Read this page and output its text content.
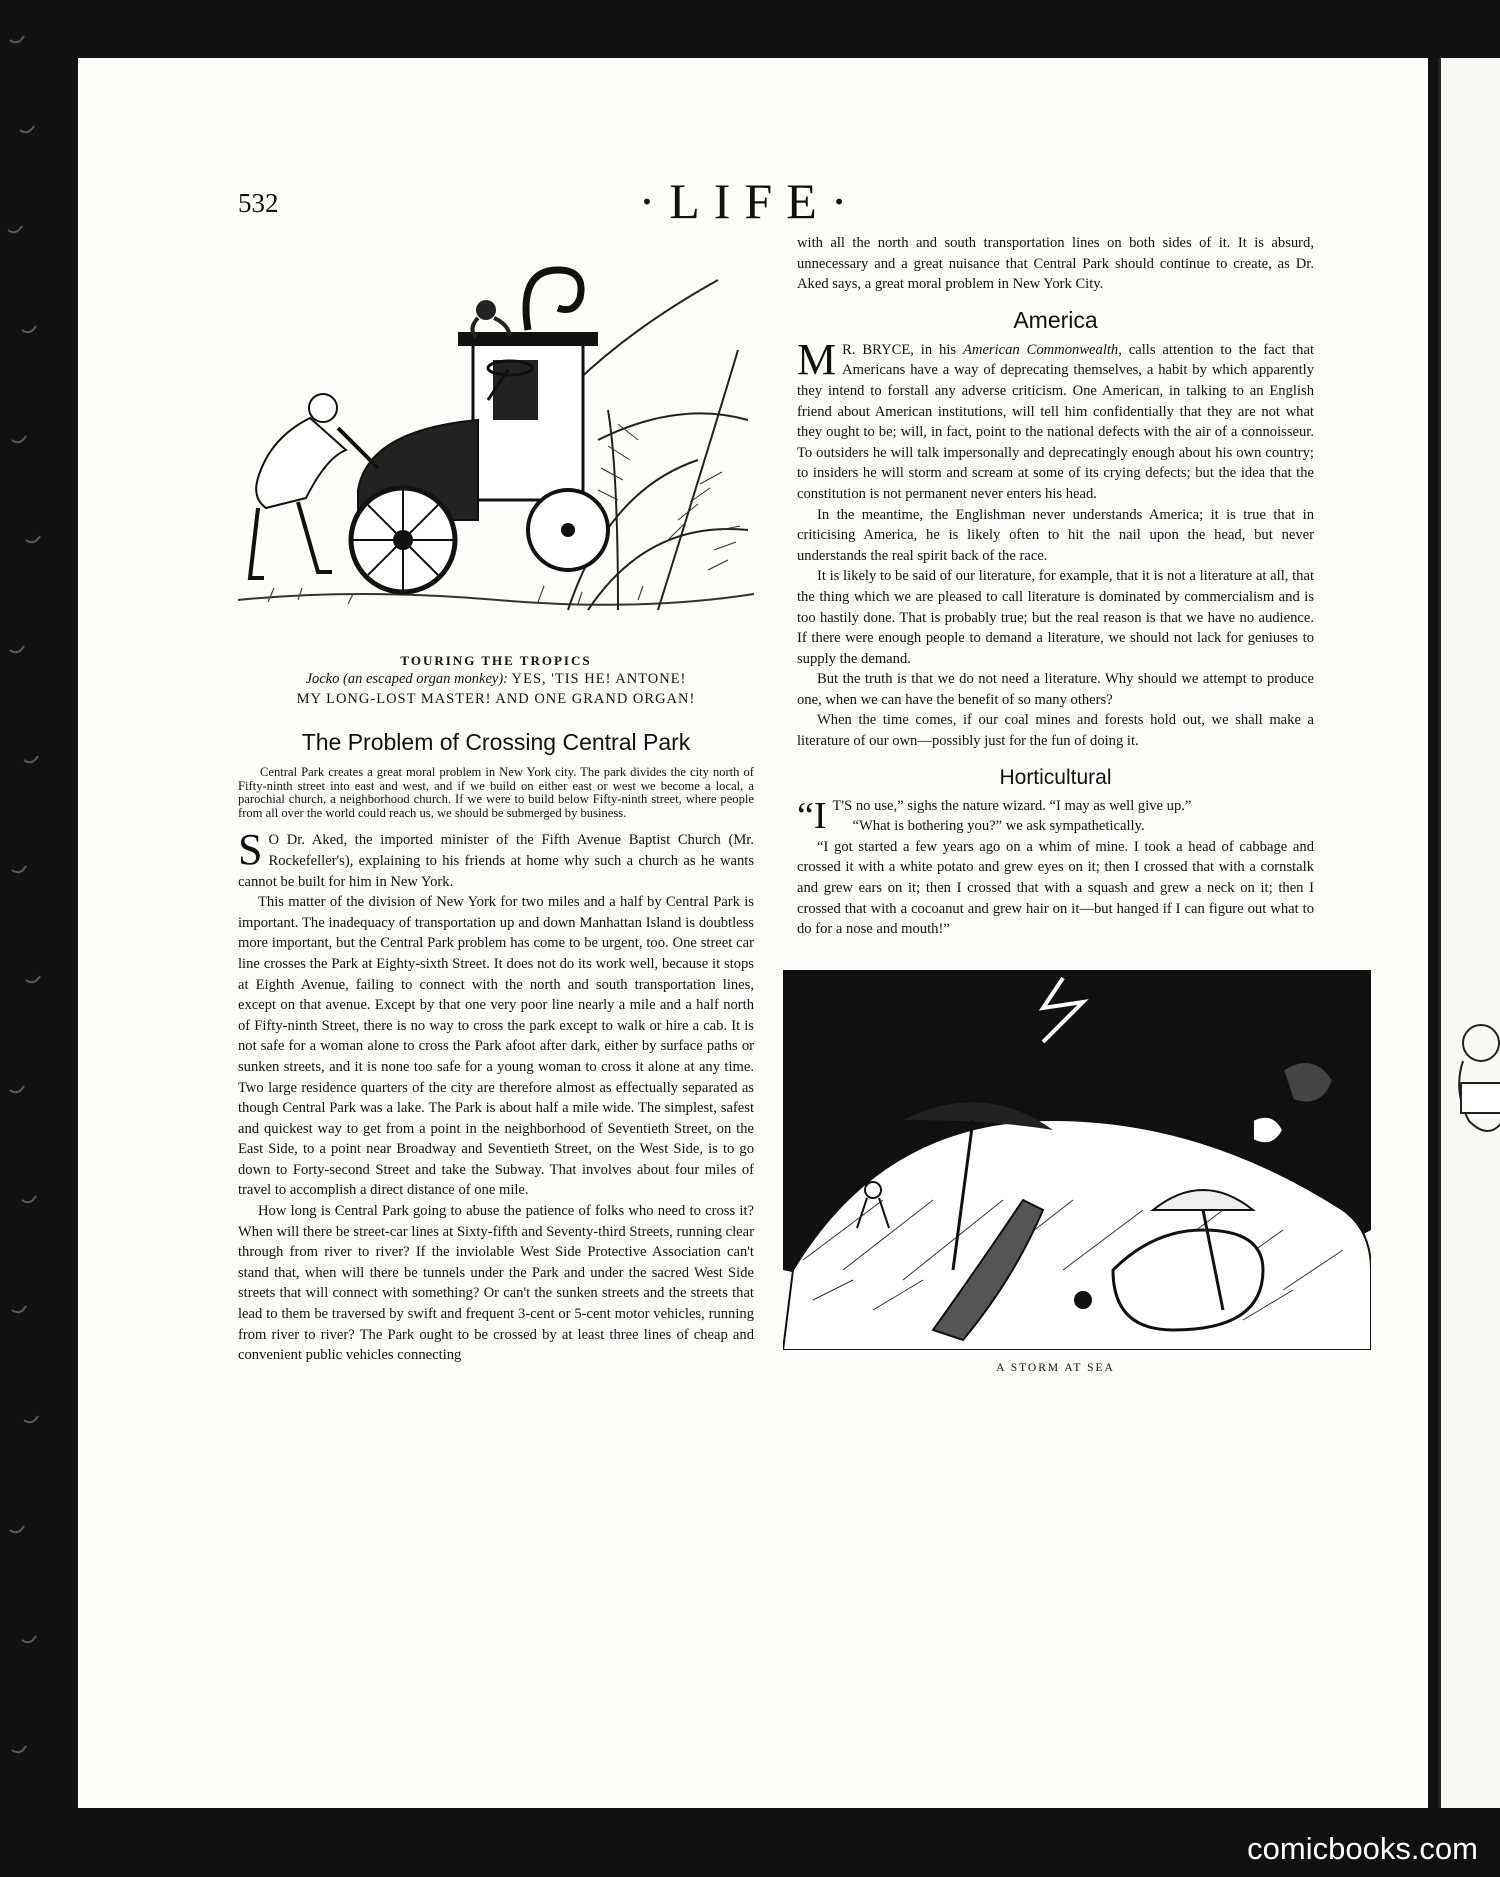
532	·LIFE·
TOURING THE TROPICS
Jocko (an escaped organ monkey): YES, 'TIS HE! ANTONE!
MY LONG-LOST MASTER! AND ONE GRAND ORGAN!
The Problem of Crossing Central Park

Central Park creates a great moral problem in New York city. The park divides the city north of Fifty-ninth street into east and west, and if we build on either east or west we become a local, a parochial church, a neighborhood church. If we were to build below Fifty-ninth street, where people from all over the world could reach us, we should be submerged by business.

S O Dr. Aked, the imported minister of the Fifth Avenue Baptist Church (Mr. Rockefeller's), explaining to his friends at home why such a church as he wants cannot be built for him in New York.

This matter of the division of New York for two miles and a half by Central Park is important. The inadequacy of transportation up and down Manhattan Island is doubtless more important, but the Central Park problem has come to be urgent, too. One street car line crosses the Park at Eighty-sixth Street. It does not do its work well, because it stops at Eighth Avenue, failing to connect with the north and south transportation lines, except on that avenue. Except by that one very poor line nearly a mile and a half north of Fifty-ninth Street, there is no way to cross the park except to walk or hire a cab. It is not safe for a woman alone to cross the Park afoot after dark, either by surface paths or sunken streets, and it is none too safe for a young woman to cross it alone at any time. Two large residence quarters of the city are therefore almost as effectually separated as though Central Park was a lake. The Park is about half a mile wide. The simplest, safest and quickest way to get from a point in the neighborhood of Seventieth Street, on the East Side, to a point near Broadway and Seventieth Street, on the West Side, is to go down to Forty-second Street and take the Subway. That involves about four miles of travel to accomplish a direct distance of one mile.

How long is Central Park going to abuse the patience of folks who need to cross it? When will there be street-car lines at Sixty-fifth and Seventy-third Streets, running clear through from river to river? If the inviolable West Side Protective Association can't stand that, when will there be tunnels under the Park and under the sacred West Side streets that will connect with something? Or can't the sunken streets and the streets that lead to them be traversed by swift and frequent 3-cent or 5-cent motor vehicles, running from river to river? The Park ought to be crossed by at least three lines of cheap and convenient public vehicles connecting

with all the north and south transportation lines on both sides of it. It is absurd, unnecessary and a great nuisance that Central Park should continue to create, as Dr. Aked says, a great moral problem in New York City.

America

M R. BRYCE, in his American Commonwealth, calls attention to the fact that Americans have a way of deprecating themselves, a habit by which apparently they intend to forstall any adverse criticism. One American, in talking to an English friend about American institutions, will tell him confidentially that they are not what they ought to be; will, in fact, point to the national defects with the air of a connoisseur. To outsiders he will talk impersonally and deprecatingly enough about his own country; to insiders he will storm and scream at some of its crying defects; but the idea that the constitution is not permanent never enters his head.

In the meantime, the Englishman never understands America; it is true that in criticising America, he is likely often to hit the nail upon the head, but never understands the real spirit back of the race.

It is likely to be said of our literature, for example, that it is not a literature at all, that the thing which we are pleased to call literature is dominated by commercialism and is too hastily done. That is probably true; but the real reason is that we have no audience. If there were enough people to demand a literature, we should not lack for geniuses to supply the demand.

But the truth is that we do not need a literature. Why should we attempt to produce one, when we can have the benefit of so many others?

When the time comes, if our coal mines and forests hold out, we shall make a literature of our own—possibly just for the fun of doing it.

Horticultural

“I T'S no use,” sighs the nature wizard. “I may as well give up.”

“What is bothering you?” we ask sympathetically.

“I got started a few years ago on a whim of mine. I took a head of cabbage and crossed it with a white potato and grew eyes on it; then I crossed that with a cornstalk and grew ears on it; then I crossed that with a squash and grew a neck on it; then I crossed that with a cocoanut and grew hair on it—but hanged if I can figure out what to do for a nose and mouth!”

A STORM AT SEA
comicbooks.com
